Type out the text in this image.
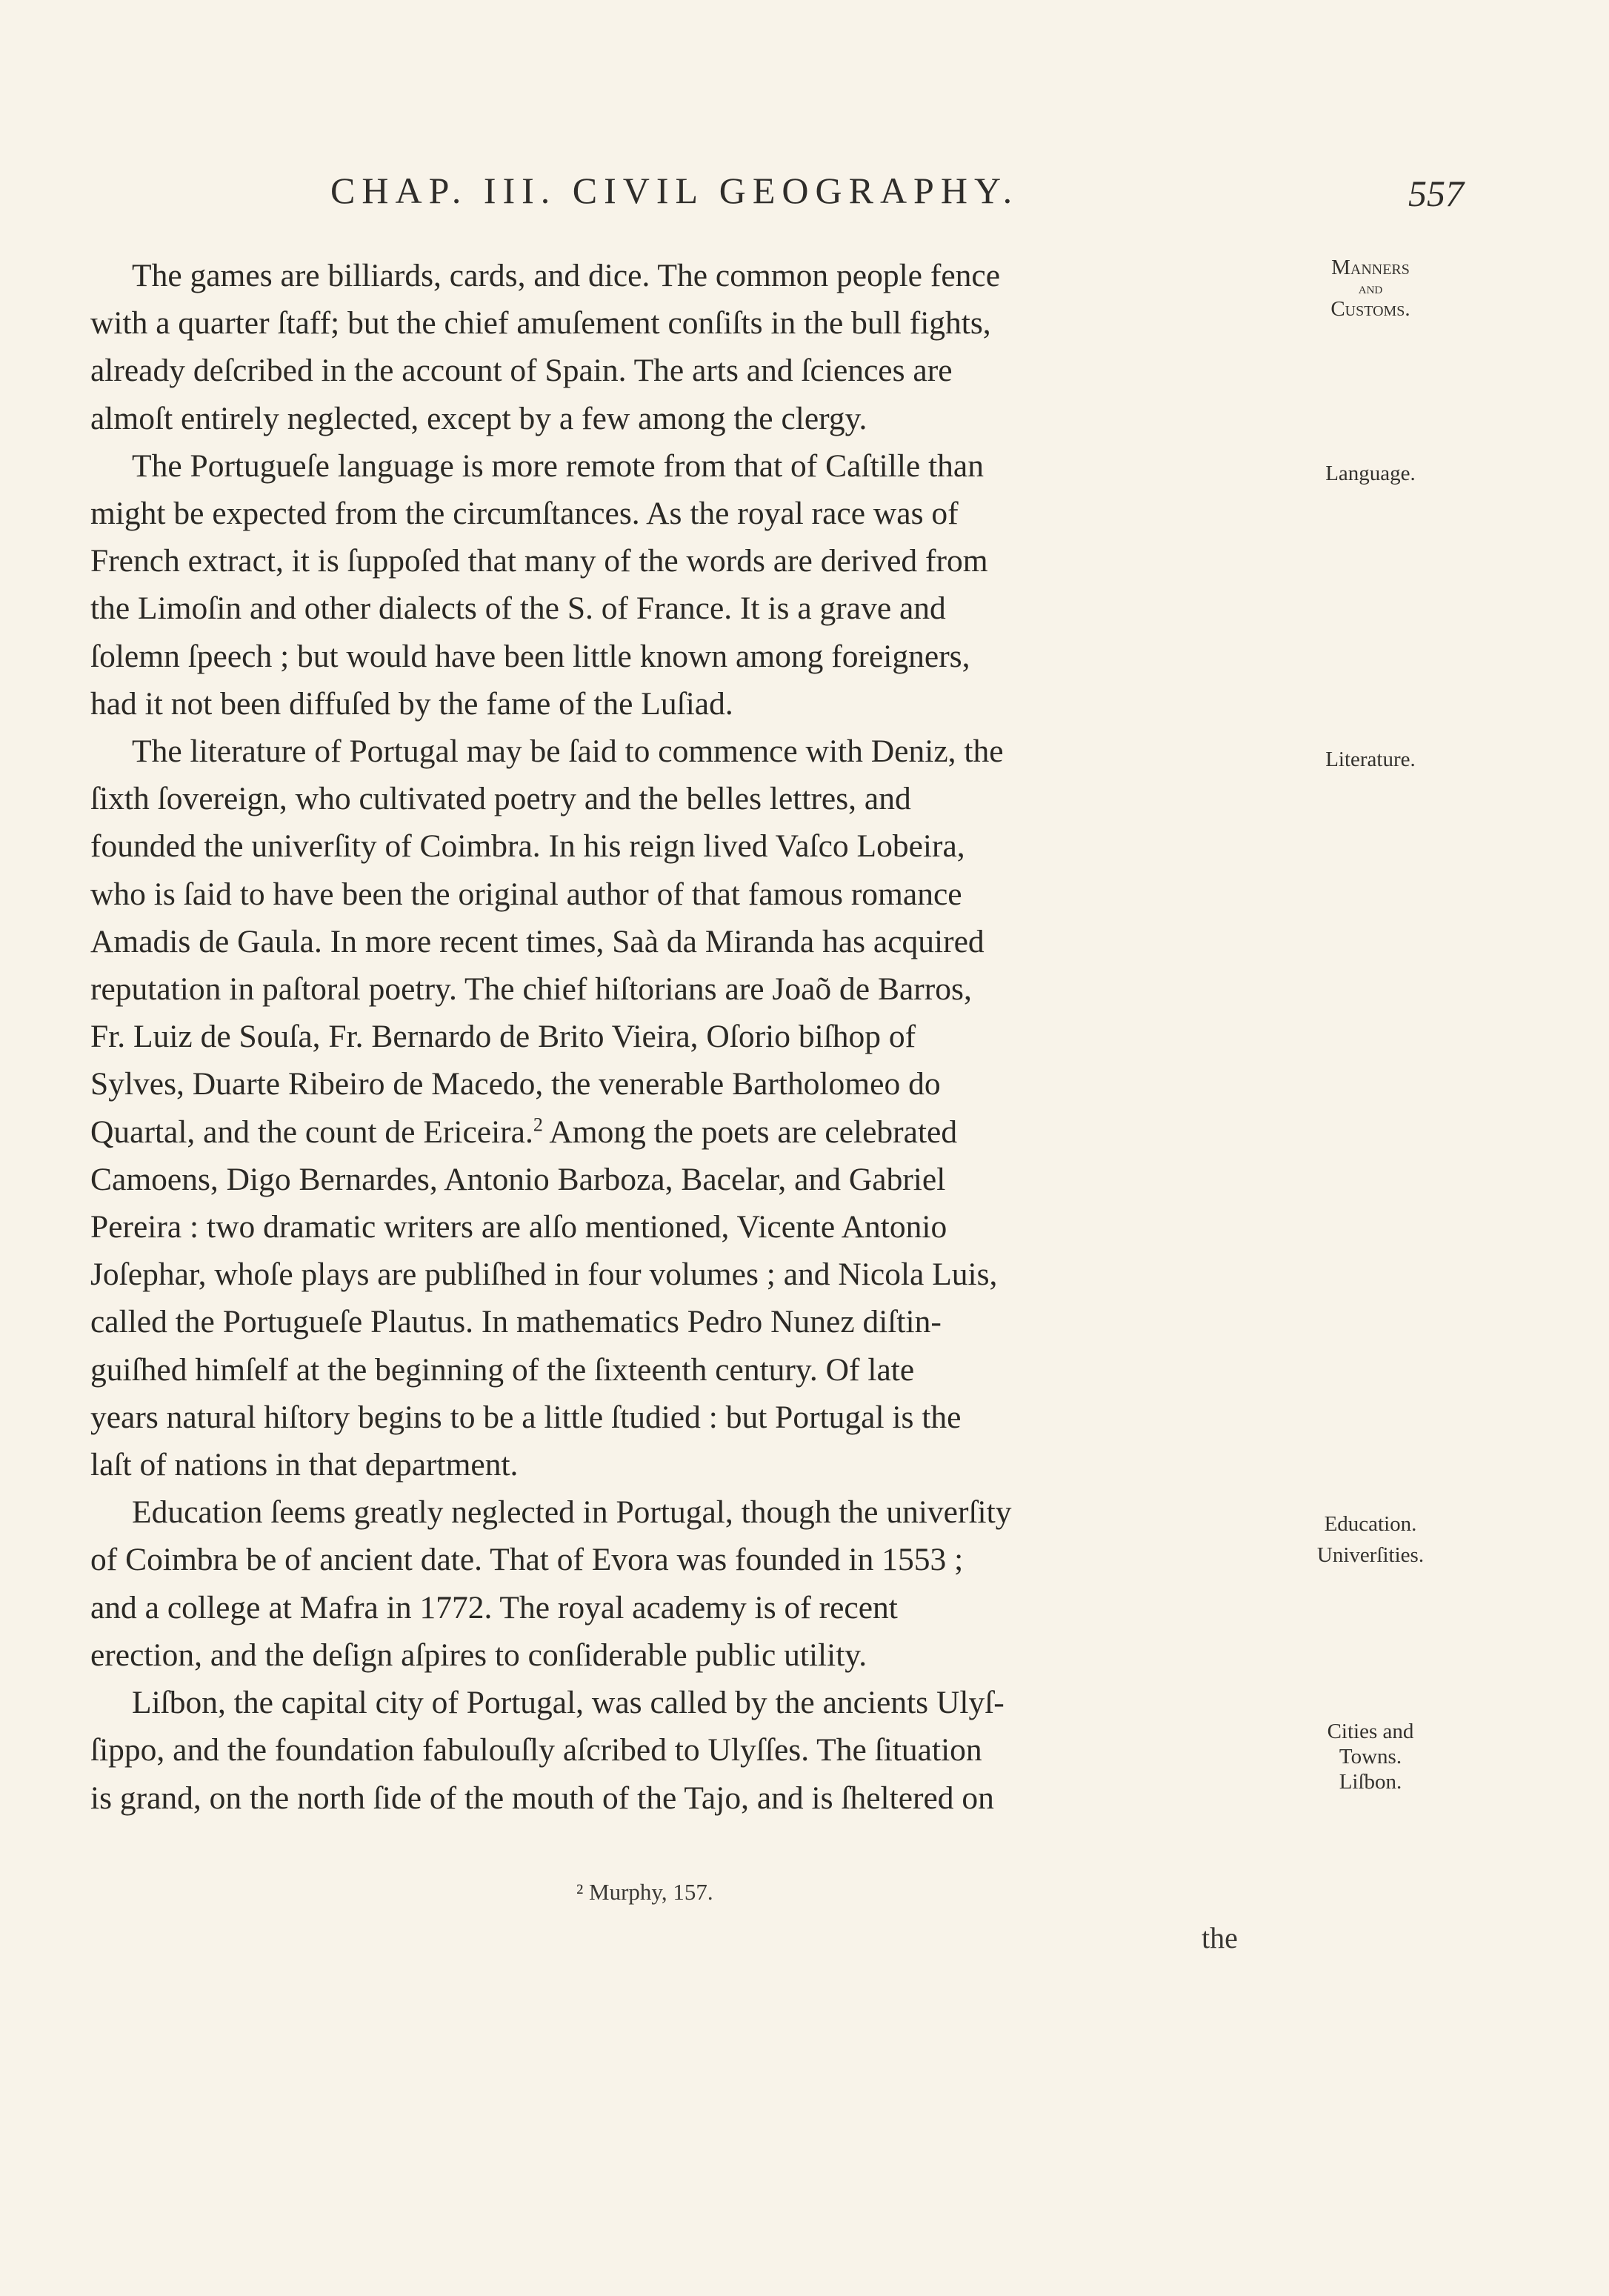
CHAP. III. CIVIL GEOGRAPHY.	557

The games are billiards, cards, and dice. The common people fence
with a quarter ſtaff; but the chief amuſement conſiſts in the bull fights,
already deſcribed in the account of Spain. The arts and ſciences are
almoſt entirely neglected, except by a few among the clergy.

The Portugueſe language is more remote from that of Caſtille than
might be expected from the circumſtances. As the royal race was of
French extract, it is ſuppoſed that many of the words are derived from
the Limoſin and other dialects of the S. of France. It is a grave and
ſolemn ſpeech ; but would have been little known among foreigners,
had it not been diffuſed by the fame of the Luſiad.

The literature of Portugal may be ſaid to commence with Deniz, the
ſixth ſovereign, who cultivated poetry and the belles lettres, and
founded the univerſity of Coimbra. In his reign lived Vaſco Lobeira,
who is ſaid to have been the original author of that famous romance
Amadis de Gaula. In more recent times, Saà da Miranda has acquired
reputation in paſtoral poetry. The chief hiſtorians are Joaõ de Barros,
Fr. Luiz de Souſa, Fr. Bernardo de Brito Vieira, Oſorio biſhop of
Sylves, Duarte Ribeiro de Macedo, the venerable Bartholomeo do
Quartal, and the count de Ericeira.$^2$ Among the poets are celebrated
Camoens, Digo Bernardes, Antonio Barboza, Bacelar, and Gabriel
Pereira : two dramatic writers are alſo mentioned, Vicente Antonio
Joſephar, whoſe plays are publiſhed in four volumes ; and Nicola Luis,
called the Portugueſe Plautus. In mathematics Pedro Nunez diſtin-
guiſhed himſelf at the beginning of the ſixteenth century. Of late
years natural hiſtory begins to be a little ſtudied : but Portugal is the
laſt of nations in that department.

Education ſeems greatly neglected in Portugal, though the univerſity
of Coimbra be of ancient date. That of Evora was founded in 1553 ;
and a college at Mafra in 1772. The royal academy is of recent
erection, and the deſign aſpires to conſiderable public utility.

Liſbon, the capital city of Portugal, was called by the ancients Ulyſ-
ſippo, and the foundation fabulouſly aſcribed to Ulyſſes. The ſituation
is grand, on the north ſide of the mouth of the Tajo, and is ſheltered on

Manners
and
Customs.
Language.
Literature.
Education.
Univerſities.
Cities and
Towns.
Liſbon.
² Murphy, 157.
the
